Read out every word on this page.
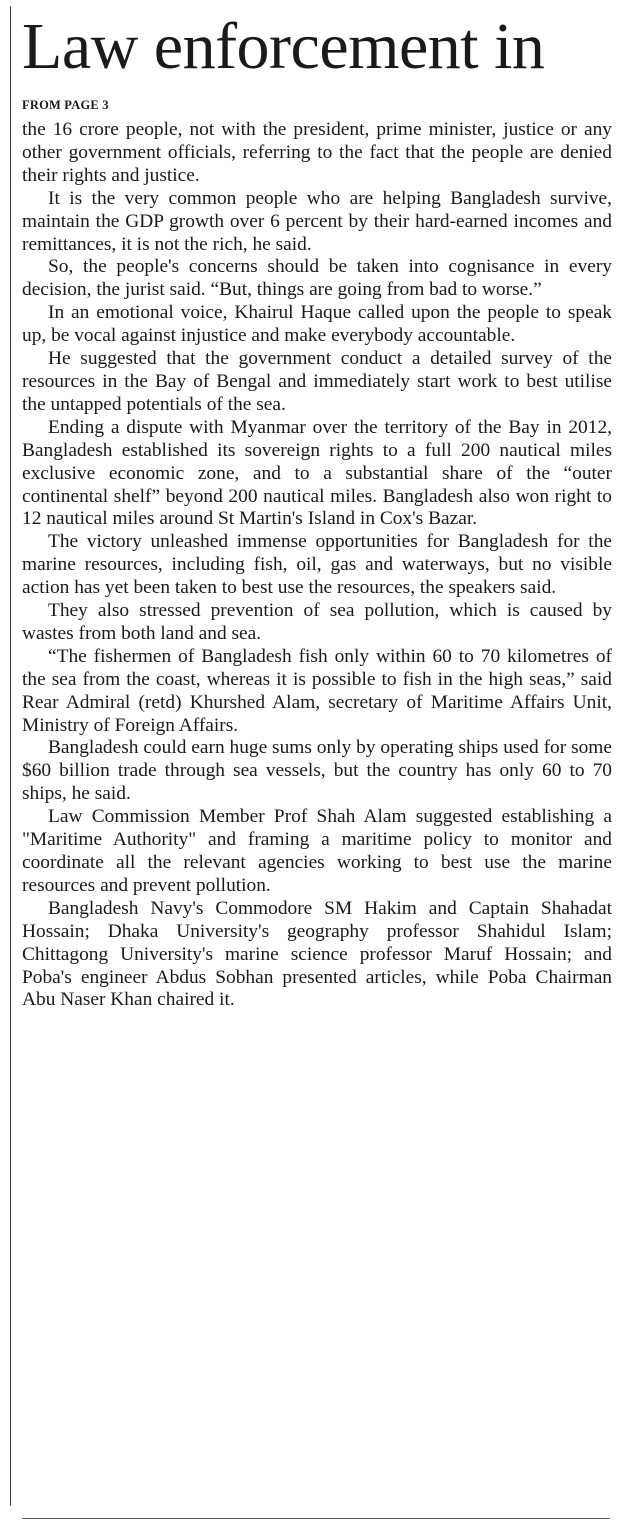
Law enforcement in
FROM PAGE 3

the 16 crore people, not with the president, prime minister, justice or any other government officials, referring to the fact that the people are denied their rights and justice.

It is the very common people who are helping Bangladesh survive, maintain the GDP growth over 6 percent by their hard-earned incomes and remittances, it is not the rich, he said.

So, the people's concerns should be taken into cognisance in every decision, the jurist said. “But, things are going from bad to worse.”

In an emotional voice, Khairul Haque called upon the people to speak up, be vocal against injustice and make everybody accountable.

He suggested that the government conduct a detailed survey of the resources in the Bay of Bengal and immediately start work to best utilise the untapped potentials of the sea.

Ending a dispute with Myanmar over the territory of the Bay in 2012, Bangladesh established its sovereign rights to a full 200 nautical miles exclusive economic zone, and to a substantial share of the “outer continental shelf” beyond 200 nautical miles. Bangladesh also won right to 12 nautical miles around St Martin's Island in Cox's Bazar.

The victory unleashed immense opportunities for Bangladesh for the marine resources, including fish, oil, gas and waterways, but no visible action has yet been taken to best use the resources, the speakers said.

They also stressed prevention of sea pollution, which is caused by wastes from both land and sea.

“The fishermen of Bangladesh fish only within 60 to 70 kilometres of the sea from the coast, whereas it is possible to fish in the high seas,” said Rear Admiral (retd) Khurshed Alam, secretary of Maritime Affairs Unit, Ministry of Foreign Affairs.

Bangladesh could earn huge sums only by operating ships used for some $60 billion trade through sea vessels, but the country has only 60 to 70 ships, he said.

Law Commission Member Prof Shah Alam suggested establishing a "Maritime Authority" and framing a maritime policy to monitor and coordinate all the relevant agencies working to best use the marine resources and prevent pollution.

Bangladesh Navy's Commodore SM Hakim and Captain Shahadat Hossain; Dhaka University's geography professor Shahidul Islam; Chittagong University's marine science professor Maruf Hossain; and Poba's engineer Abdus Sobhan presented articles, while Poba Chairman Abu Naser Khan chaired it.
